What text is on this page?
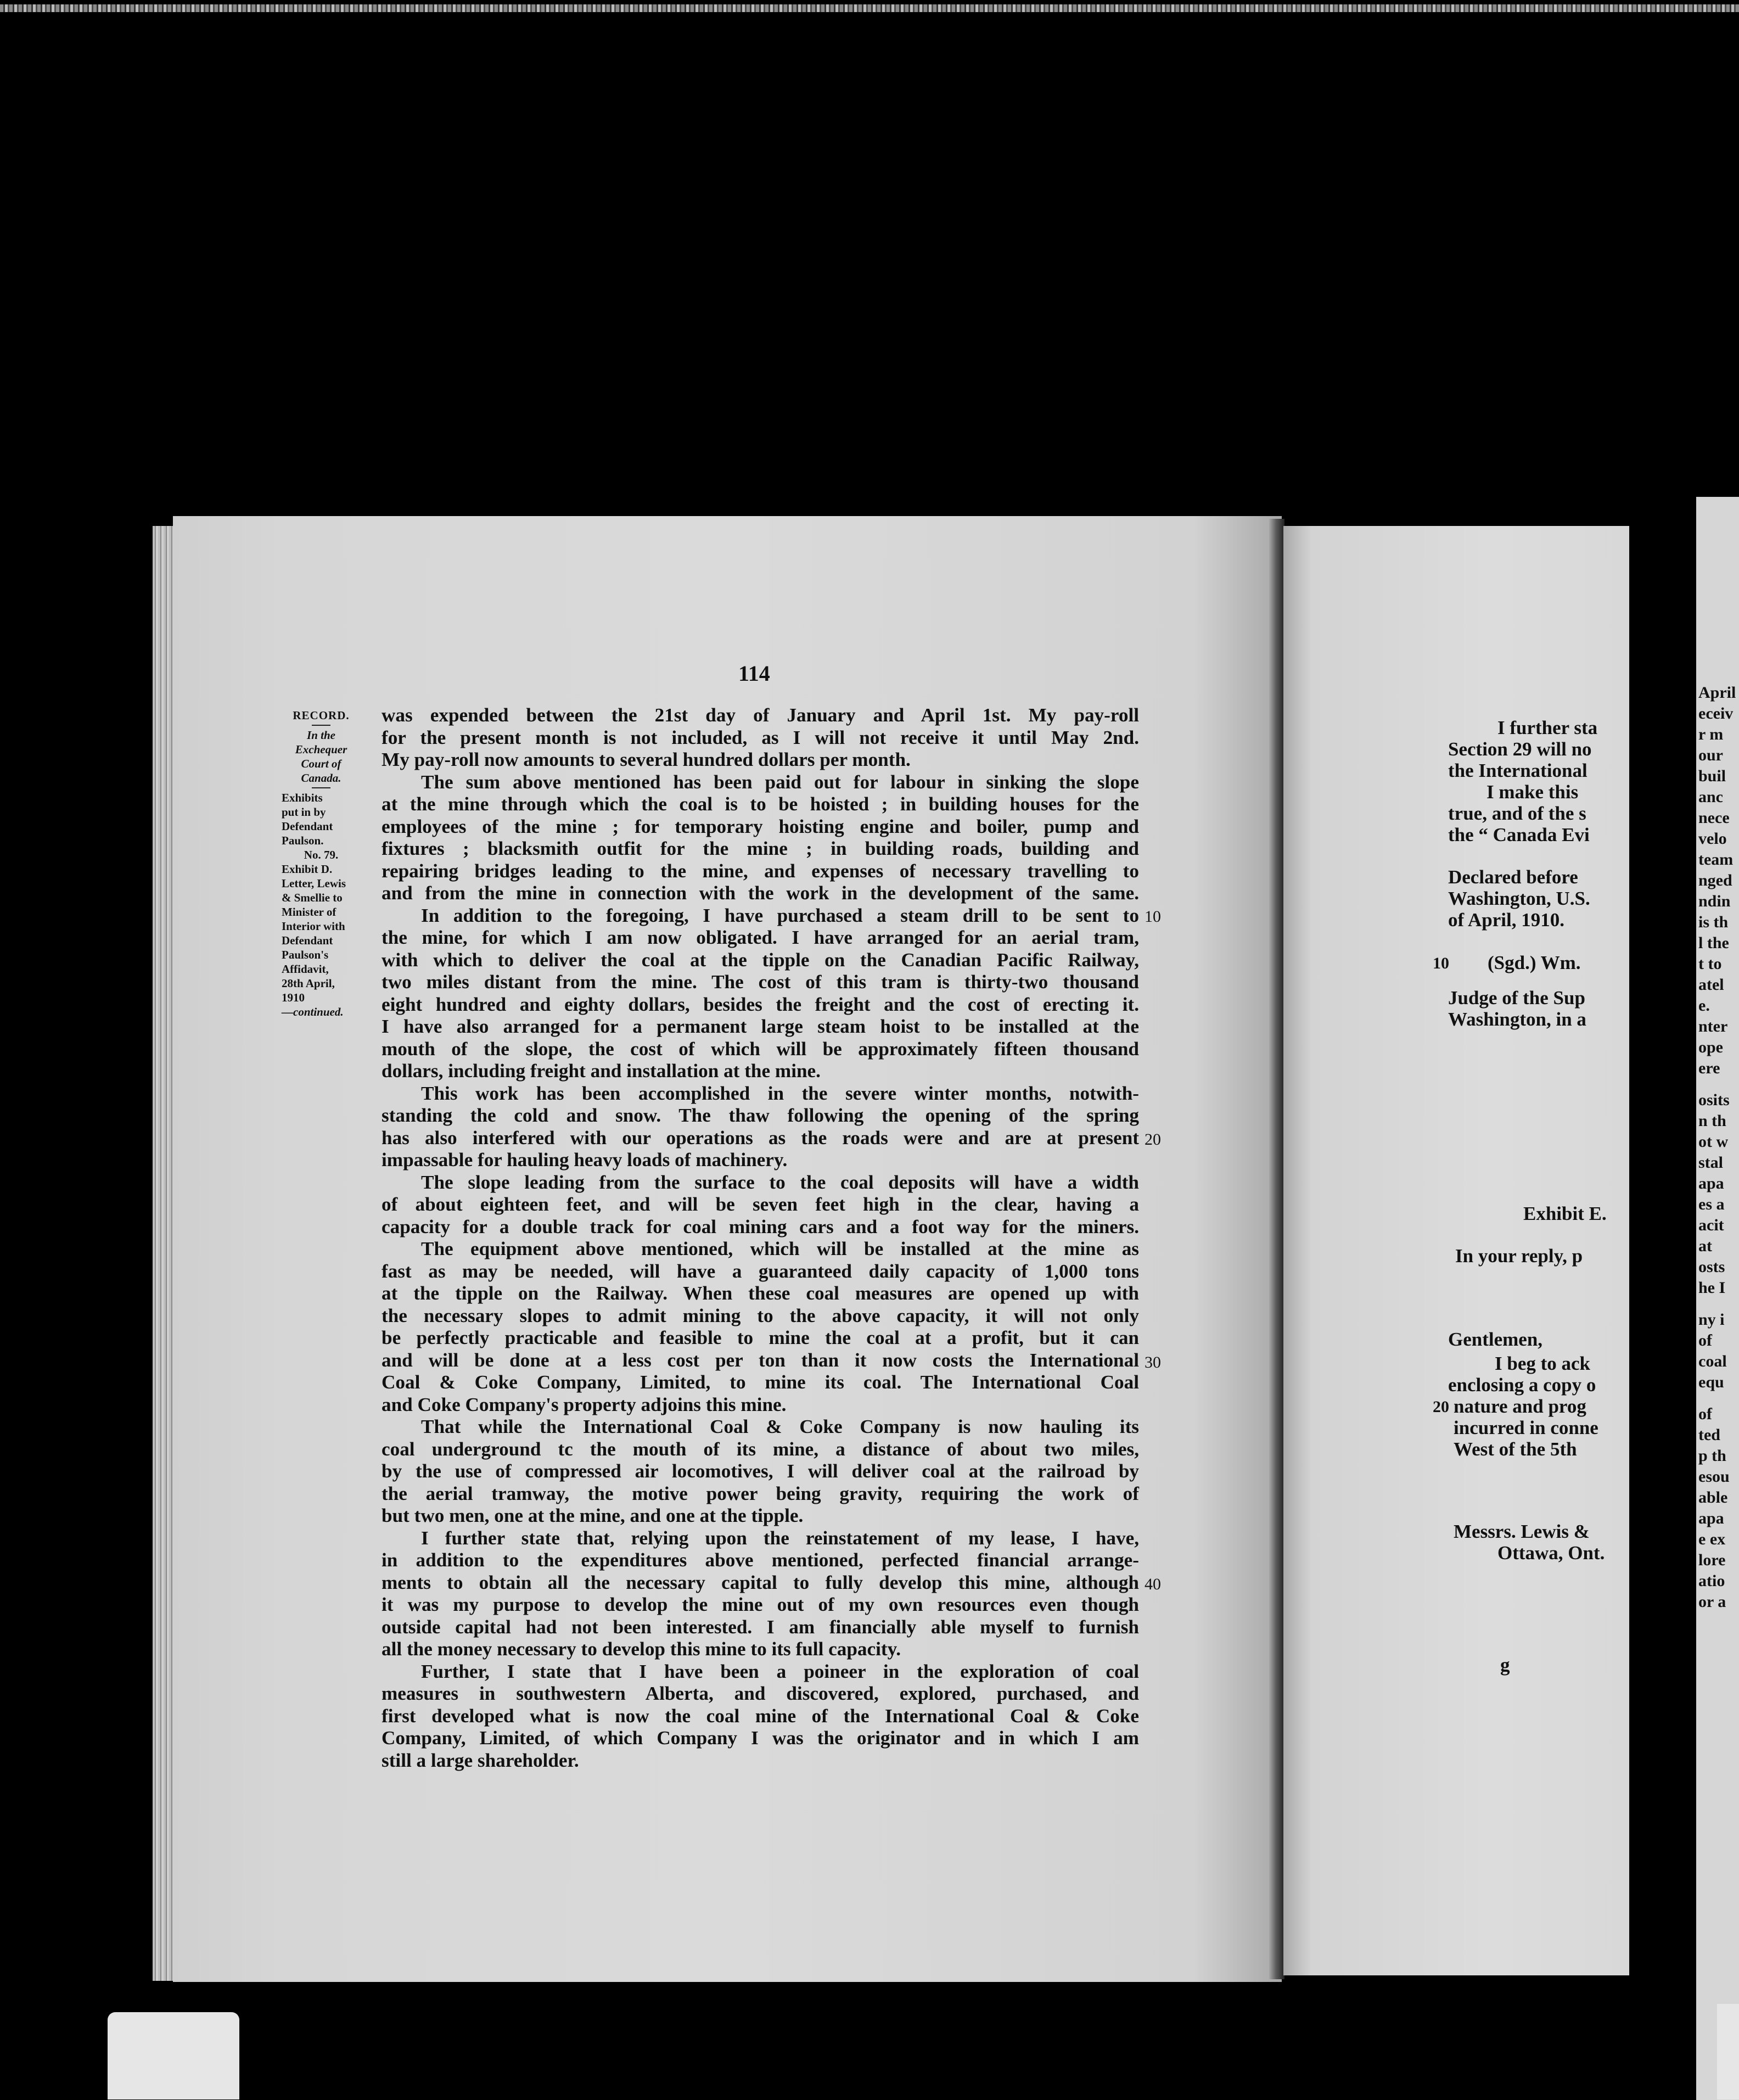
114
RECORD.
In the
Exchequer
Court of
Canada.
Exhibits
put in by
Defendant
Paulson.
No. 79.
Exhibit D.
Letter, Lewis
& Smellie to
Minister of
Interior with
Defendant
Paulson's
Affidavit,
28th April,
1910
—continued.
was expended between the 21st day of January and April 1st. My pay-roll
for the present month is not included, as I will not receive it until May 2nd.
My pay-roll now amounts to several hundred dollars per month.
The sum above mentioned has been paid out for labour in sinking the slope
at the mine through which the coal is to be hoisted ; in building houses for the
employees of the mine ; for temporary hoisting engine and boiler, pump and
fixtures ; blacksmith outfit for the mine ; in building roads, building and
repairing bridges leading to the mine, and expenses of necessary travelling to
and from the mine in connection with the work in the development of the same.
In addition to the foregoing, I have purchased a steam drill to be sent to
the mine, for which I am now obligated. I have arranged for an aerial tram,
with which to deliver the coal at the tipple on the Canadian Pacific Railway,
two miles distant from the mine. The cost of this tram is thirty-two thousand
eight hundred and eighty dollars, besides the freight and the cost of erecting it.
I have also arranged for a permanent large steam hoist to be installed at the
mouth of the slope, the cost of which will be approximately fifteen thousand
dollars, including freight and installation at the mine.
This work has been accomplished in the severe winter months, notwith-
standing the cold and snow. The thaw following the opening of the spring
has also interfered with our operations as the roads were and are at present
impassable for hauling heavy loads of machinery.
The slope leading from the surface to the coal deposits will have a width
of about eighteen feet, and will be seven feet high in the clear, having a
capacity for a double track for coal mining cars and a foot way for the miners.
The equipment above mentioned, which will be installed at the mine as
fast as may be needed, will have a guaranteed daily capacity of 1,000 tons
at the tipple on the Railway. When these coal measures are opened up with
the necessary slopes to admit mining to the above capacity, it will not only
be perfectly practicable and feasible to mine the coal at a profit, but it can
and will be done at a less cost per ton than it now costs the International
Coal & Coke Company, Limited, to mine its coal. The International Coal
and Coke Company's property adjoins this mine.
That while the International Coal & Coke Company is now hauling its
coal underground tc the mouth of its mine, a distance of about two miles,
by the use of compressed air locomotives, I will deliver coal at the railroad by
the aerial tramway, the motive power being gravity, requiring the work of
but two men, one at the mine, and one at the tipple.
I further state that, relying upon the reinstatement of my lease, I have,
in addition to the expenditures above mentioned, perfected financial arrange-
ments to obtain all the necessary capital to fully develop this mine, although
it was my purpose to develop the mine out of my own resources even though
outside capital had not been interested. I am financially able myself to furnish
all the money necessary to develop this mine to its full capacity.
Further, I state that I have been a poineer in the exploration of coal
measures in southwestern Alberta, and discovered, explored, purchased, and
first developed what is now the coal mine of the International Coal & Coke
Company, Limited, of which Company I was the originator and in which I am
still a large shareholder.
10
20
30
40
I further sta
Section 29 will no
the International
I make this
true, and of the s
the “ Canada Evi
Declared before
Washington, U.S.
of April, 1910.
10 (Sgd.) Wm.
Judge of the Sup
Washington, in a
Exhibit E.
In your reply, p
Gentlemen,
I beg to ack
enclosing a copy o
20 nature and prog
incurred in conne
West of the 5th
Messrs. Lewis &
Ottawa, Ont.
g
April
eceiv
r m
our
buil
anc
nece
velo
team
nged
ndin
is th
l the
t to
atel
e.
nter
ope
ere
osits
n th
ot w
stal
apa
es a
acit
at
osts
he I
ny i
of
coal
equ
of
ted
p th
esou
able
apa
e ex
lore
atio
or a
